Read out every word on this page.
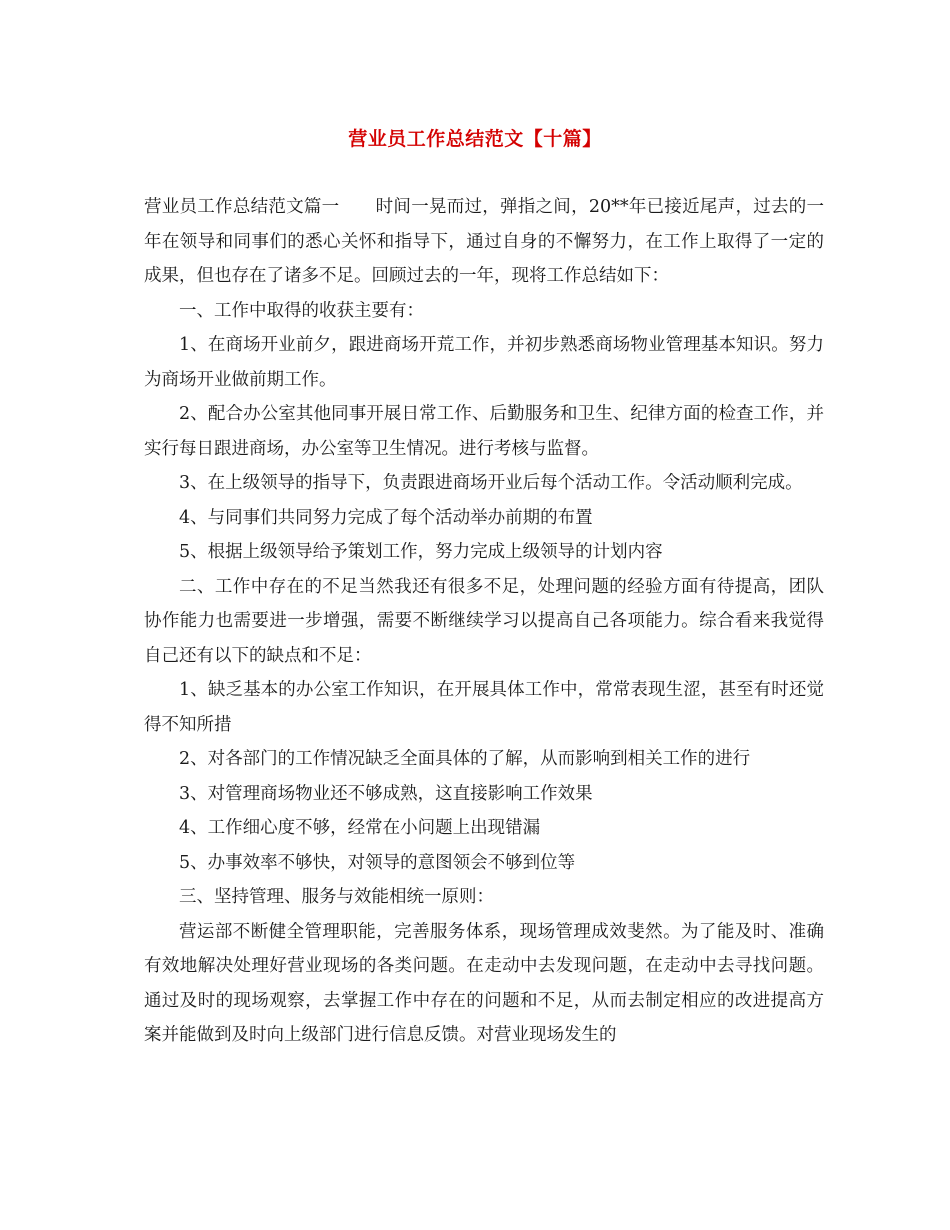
营业员工作总结范文【十篇】

营业员工作总结范文篇一 时间一晃而过，弹指之间，20**年已接近尾声，过去的一年在领导和同事们的悉心关怀和指导下，通过自身的不懈努力，在工作上取得了一定的成果，但也存在了诸多不足。回顾过去的一年，现将工作总结如下：

一、工作中取得的收获主要有：

1、在商场开业前夕，跟进商场开荒工作，并初步熟悉商场物业管理基本知识。努力为商场开业做前期工作。

2、配合办公室其他同事开展日常工作、后勤服务和卫生、纪律方面的检查工作，并实行每日跟进商场，办公室等卫生情况。进行考核与监督。

3、在上级领导的指导下，负责跟进商场开业后每个活动工作。令活动顺利完成。

4、与同事们共同努力完成了每个活动举办前期的布置

5、根据上级领导给予策划工作，努力完成上级领导的计划内容

二、工作中存在的不足当然我还有很多不足，处理问题的经验方面有待提高，团队协作能力也需要进一步增强，需要不断继续学习以提高自己各项能力。综合看来我觉得自己还有以下的缺点和不足：

1、缺乏基本的办公室工作知识，在开展具体工作中，常常表现生涩，甚至有时还觉得不知所措

2、对各部门的工作情况缺乏全面具体的了解，从而影响到相关工作的进行

3、对管理商场物业还不够成熟，这直接影响工作效果

4、工作细心度不够，经常在小问题上出现错漏

5、办事效率不够快，对领导的意图领会不够到位等

三、坚持管理、服务与效能相统一原则：

营运部不断健全管理职能，完善服务体系，现场管理成效斐然。为了能及时、准确有效地解决处理好营业现场的各类问题。在走动中去发现问题，在走动中去寻找问题。通过及时的现场观察，去掌握工作中存在的问题和不足，从而去制定相应的改进提高方案并能做到及时向上级部门进行信息反馈。对营业现场发生的
